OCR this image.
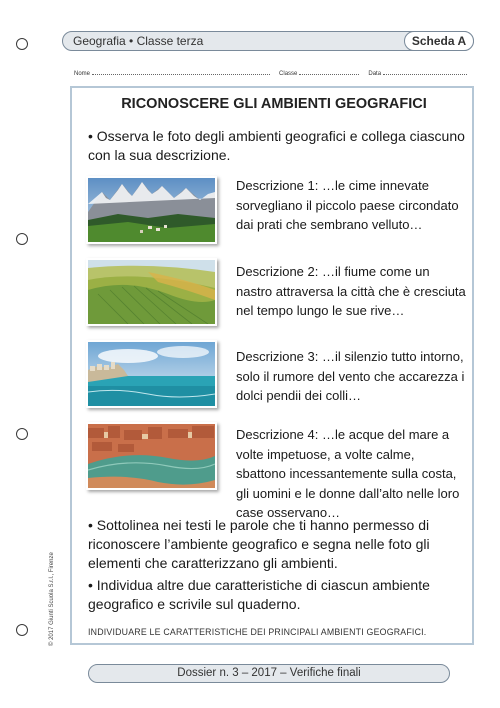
Geografia • Classe terza	Scheda A
Nome	Classe	Data
RICONOSCERE GLI AMBIENTI GEOGRAFICI
• Osserva le foto degli ambienti geografici e collega ciascuno con la sua descrizione.
Descrizione 1: …le cime innevate sorvegliano il piccolo paese circondato dai prati che sembrano velluto…
Descrizione 2: …il fiume come un nastro attraversa la città che è cresciuta nel tempo lungo le sue rive…
Descrizione 3: …il silenzio tutto intorno, solo il rumore del vento che accarezza i dolci pendii dei colli…
Descrizione 4: …le acque del mare a volte impetuose, a volte calme, sbattono incessantemente sulla costa, gli uomini e le donne dall’alto nelle loro case osservano…
• Sottolinea nei testi le parole che ti hanno permesso di riconoscere l’ambiente geografico e segna nelle foto gli elementi che caratterizzano gli ambienti.
• Individua altre due caratteristiche di ciascun ambiente geografico e scrivile sul quaderno.
INDIVIDUARE LE CARATTERISTICHE DEI PRINCIPALI AMBIENTI GEOGRAFICI.
© 2017 Giunti Scuola S.r.l., Firenze
Dossier n. 3 – 2017 – Verifiche finali
